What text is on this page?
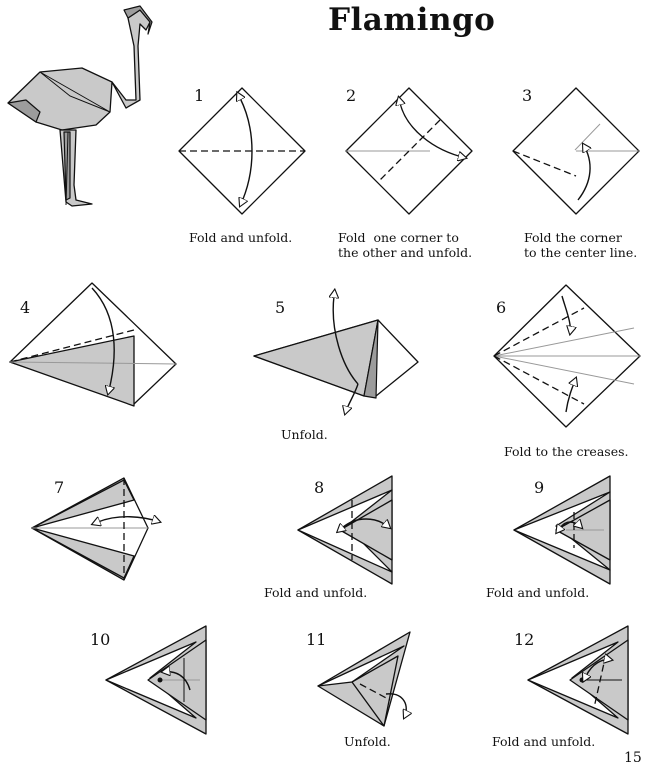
Flamingo
1	2	3
4	5	6
7	8	9
10	11	12
Fold and unfold.	Fold  one corner to
the other and unfold.
Fold the corner
to the center line.
Unfold.
Fold to the creases.
Fold and unfold.	Fold and unfold.
Unfold.	Fold and unfold.
15
